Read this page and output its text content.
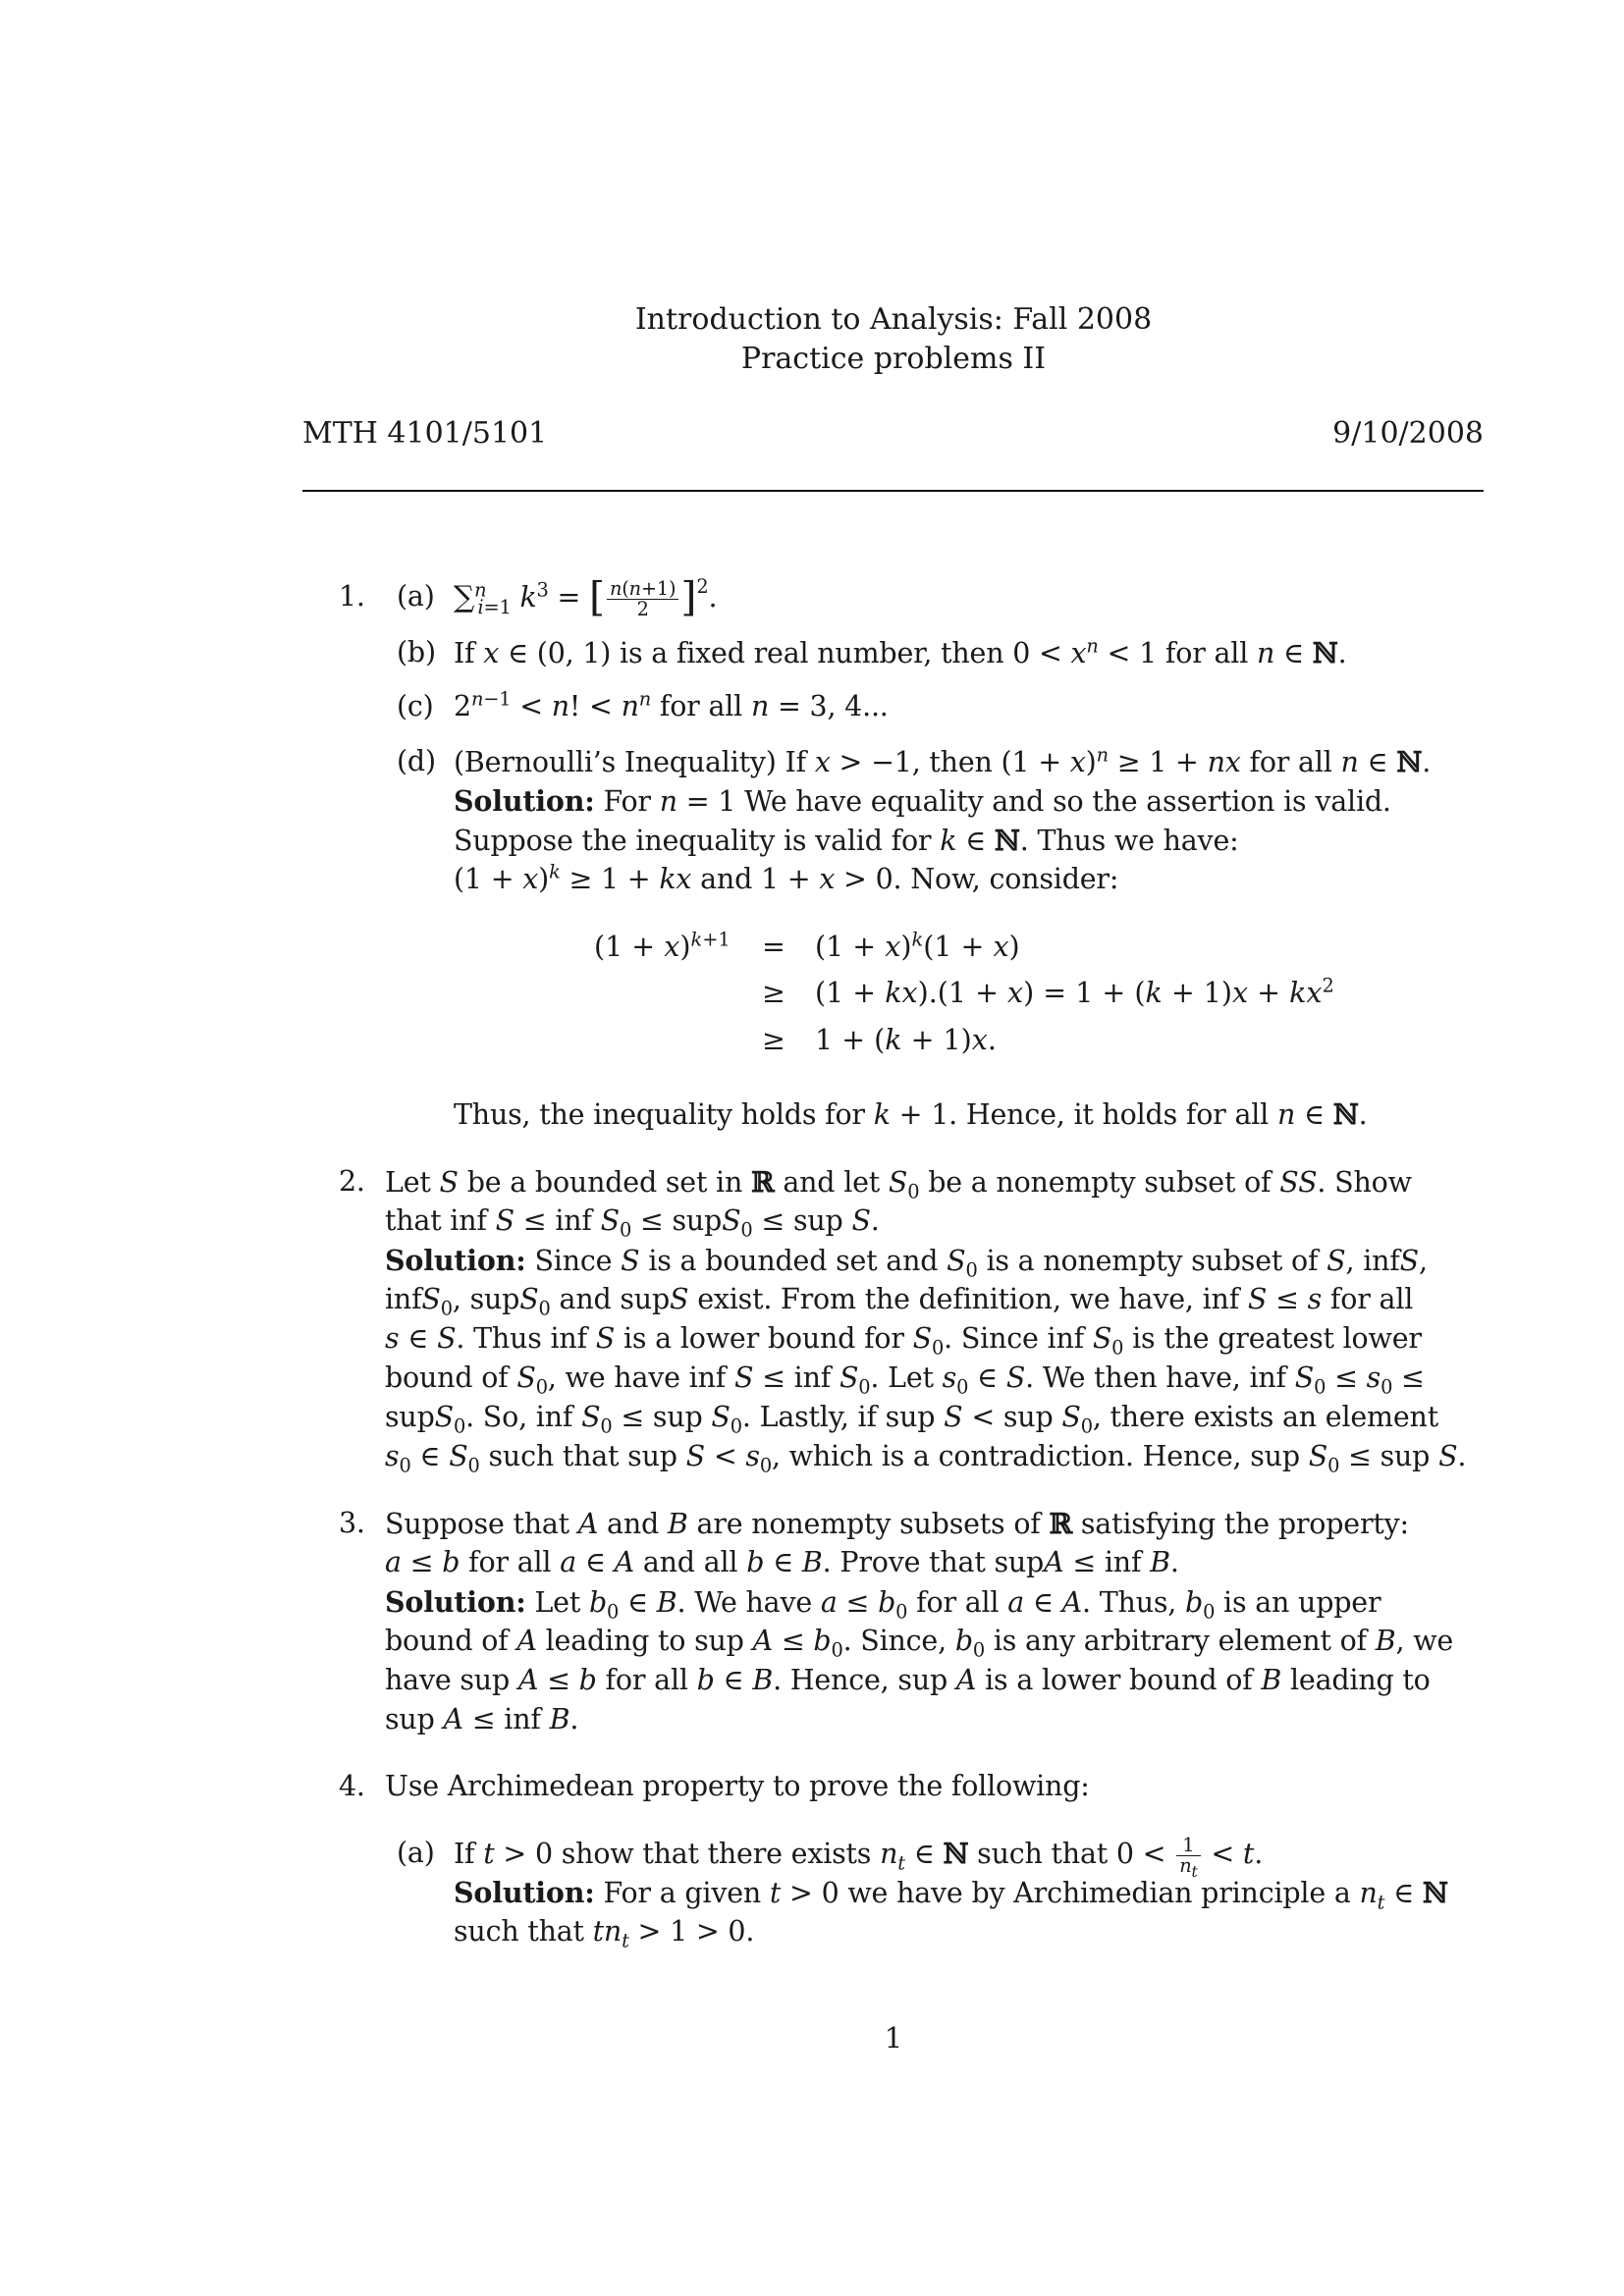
Introduction to Analysis: Fall 2008
Practice problems II
MTH 4101/5101	9/10/2008
1. (a) ∑$^n_{i=1}$ $k^3$ = [ $\frac{n(n+1)}{2} ]^2$.
(b) If x ∈ (0, 1) is a fixed real number, then $0 < x^n < 1$ for all n ∈ ℕ.
(c) $2^{n-1} < n$! < $n^n$ for all n = 3, 4...
(d) (Bernoulli’s Inequality) If x > −1, then $(1 + x)^n \ge 1$ + nx for all n ∈ ℕ.
Solution: For n = 1 We have equality and so the assertion is valid.
Suppose the inequality is valid for k ∈ ℕ. Thus we have:
$(1 + x)^k \ge 1$ + kx and 1 + x > 0. Now, consider:
$(1 + x)^{k+1} = (1 + x)^k(1 + x)$
≥ $(1 + kx).(1 + x) = 1 + (k + 1)x + kx^2$
≥ 1 + (k + 1)x.
Thus, the inequality holds for k + 1. Hence, it holds for all n ∈ ℕ.
2. Let S be a bounded set in ℝ and let $S_0$ be a nonempty subset of SS. Show
that inf S ≤ inf $S_0$ ≤ supS$_0$ ≤ sup S.
Solution: Since S is a bounded set and $S_0$ is a nonempty subset of S, infS,
infS$_0$, supS$_0$ and supS exist. From the definition, we have, inf S ≤ s for all
s ∈ S. Thus inf S is a lower bound for $S_0$. Since inf $S_0$ is the greatest lower
bound of $S_0$, we have inf S ≤ inf $S_0$. Let $s_0$ ∈ S. We then have, inf $S_0 \le s_0$ ≤
supS$_0$. So, inf $S_0$ ≤ sup $S_0$. Lastly, if sup S < sup $S_0$, there exists an element
$s_0$ ∈ $S_0$ such that sup $S < s_0$, which is a contradiction. Hence, sup $S_0$ ≤ sup S.
3. Suppose that A and B are nonempty subsets of ℝ satisfying the property:
a ≤ b for all a ∈ A and all b ∈ B. Prove that supA ≤ inf B.
Solution: Let $b_0$ ∈ B. We have $a \le b_0$ for all a ∈ A. Thus, $b_0$ is an upper
bound of A leading to sup $A \le b_0$. Since, $b_0$ is any arbitrary element of B, we
have sup A ≤ b for all b ∈ B. Hence, sup A is a lower bound of B leading to
sup A ≤ inf B.
4. Use Archimedean property to prove the following:
(a) If t > 0 show that there exists $n_t$ ∈ ℕ such that $0 < \frac{1}{n_t} < t$.
Solution: For a given t > 0 we have by Archimedian principle a $n_t$ ∈ ℕ
such that $tn_t > 1 > 0$.
1
